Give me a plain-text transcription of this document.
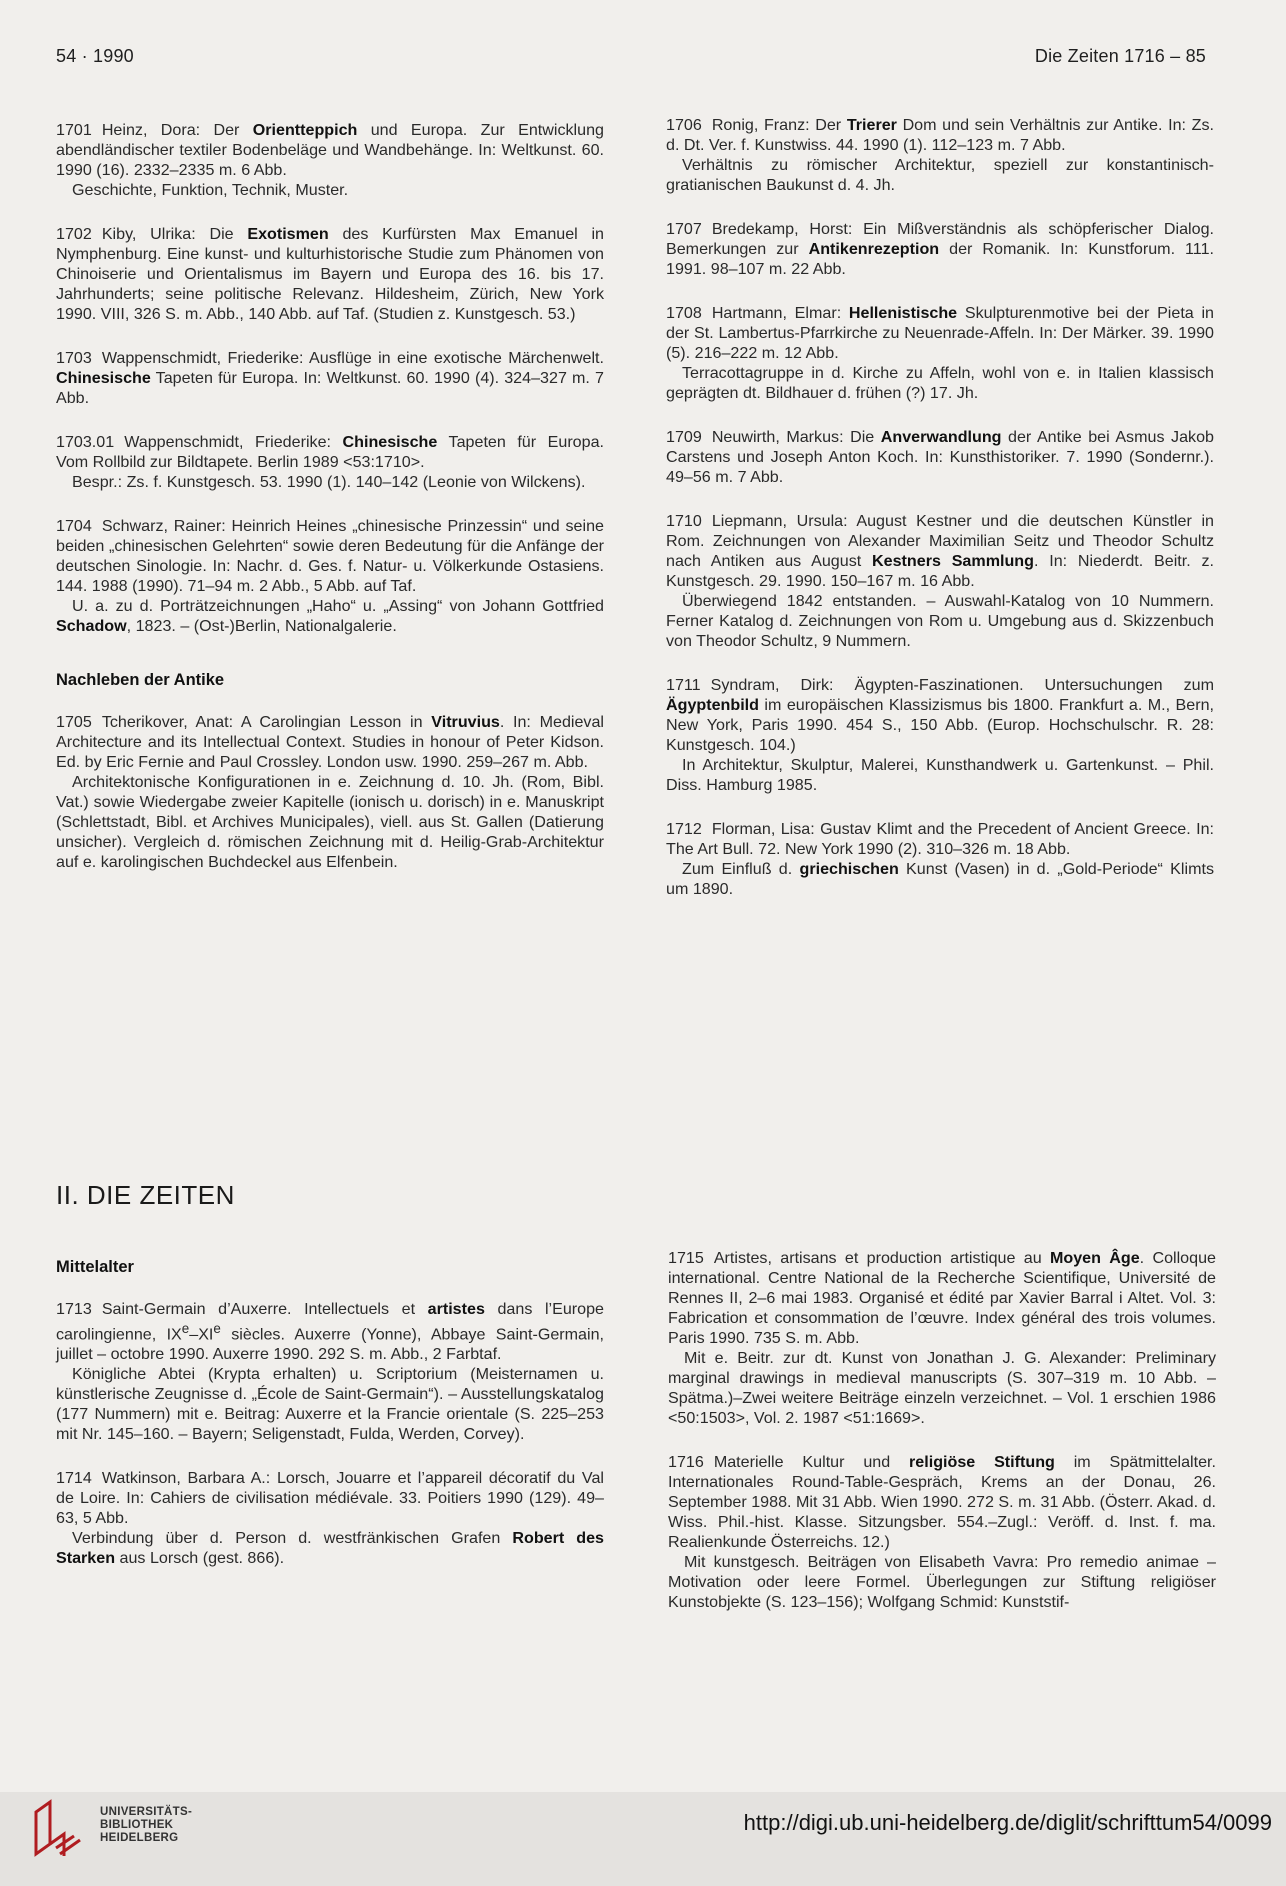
54 · 1990	Die Zeiten 1716 – 85

1701 Heinz, Dora: Der Orientteppich und Europa. Zur Entwicklung abendländischer textiler Bodenbeläge und Wandbehänge. In: Weltkunst. 60. 1990 (16). 2332–2335 m. 6 Abb.

Geschichte, Funktion, Technik, Muster.

1702 Kiby, Ulrika: Die Exotismen des Kurfürsten Max Emanuel in Nymphenburg. Eine kunst- und kulturhistorische Studie zum Phänomen von Chinoiserie und Orientalismus im Bayern und Europa des 16. bis 17. Jahrhunderts; seine politische Relevanz. Hildesheim, Zürich, New York 1990. VIII, 326 S. m. Abb., 140 Abb. auf Taf. (Studien z. Kunstgesch. 53.)

1703 Wappenschmidt, Friederike: Ausflüge in eine exotische Märchenwelt. Chinesische Tapeten für Europa. In: Weltkunst. 60. 1990 (4). 324–327 m. 7 Abb.

1703.01 Wappenschmidt, Friederike: Chinesische Tapeten für Europa. Vom Rollbild zur Bildtapete. Berlin 1989 <53:1710>.

Bespr.: Zs. f. Kunstgesch. 53. 1990 (1). 140–142 (Leonie von Wilckens).

1704 Schwarz, Rainer: Heinrich Heines „chinesische Prinzessin“ und seine beiden „chinesischen Gelehrten“ sowie deren Bedeutung für die Anfänge der deutschen Sinologie. In: Nachr. d. Ges. f. Natur- u. Völkerkunde Ostasiens. 144. 1988 (1990). 71–94 m. 2 Abb., 5 Abb. auf Taf.

U. a. zu d. Porträtzeichnungen „Haho“ u. „Assing“ von Johann Gottfried Schadow, 1823. – (Ost-)Berlin, Nationalgalerie.

Nachleben der Antike

1705 Tcherikover, Anat: A Carolingian Lesson in Vitruvius. In: Medieval Architecture and its Intellectual Context. Studies in honour of Peter Kidson. Ed. by Eric Fernie and Paul Crossley. London usw. 1990. 259–267 m. Abb.

Architektonische Konfigurationen in e. Zeichnung d. 10. Jh. (Rom, Bibl. Vat.) sowie Wiedergabe zweier Kapitelle (ionisch u. dorisch) in e. Manuskript (Schlettstadt, Bibl. et Archives Municipales), viell. aus St. Gallen (Datierung unsicher). Vergleich d. römischen Zeichnung mit d. Heilig-Grab-Architektur auf e. karolingischen Buchdeckel aus Elfenbein.

II. DIE ZEITEN
Mittelalter

1713 Saint-Germain d’Auxerre. Intellectuels et artistes dans l’Europe carolingienne, IXe–XIe siècles. Auxerre (Yonne), Abbaye Saint-Germain, juillet – octobre 1990. Auxerre 1990. 292 S. m. Abb., 2 Farbtaf.

Königliche Abtei (Krypta erhalten) u. Scriptorium (Meisternamen u. künstlerische Zeugnisse d. „École de Saint-Germain“). – Ausstellungskatalog (177 Nummern) mit e. Beitrag: Auxerre et la Francie orientale (S. 225–253 mit Nr. 145–160. – Bayern; Seligenstadt, Fulda, Werden, Corvey).

1714 Watkinson, Barbara A.: Lorsch, Jouarre et l’appareil décoratif du Val de Loire. In: Cahiers de civilisation médiévale. 33. Poitiers 1990 (129). 49–63, 5 Abb.

Verbindung über d. Person d. westfränkischen Grafen Robert des Starken aus Lorsch (gest. 866).

1706 Ronig, Franz: Der Trierer Dom und sein Verhältnis zur Antike. In: Zs. d. Dt. Ver. f. Kunstwiss. 44. 1990 (1). 112–123 m. 7 Abb.

Verhältnis zu römischer Architektur, speziell zur konstantinisch-gratianischen Baukunst d. 4. Jh.

1707 Bredekamp, Horst: Ein Mißverständnis als schöpferischer Dialog. Bemerkungen zur Antikenrezeption der Romanik. In: Kunstforum. 111. 1991. 98–107 m. 22 Abb.

1708 Hartmann, Elmar: Hellenistische Skulpturenmotive bei der Pieta in der St. Lambertus-Pfarrkirche zu Neuenrade-Affeln. In: Der Märker. 39. 1990 (5). 216–222 m. 12 Abb.

Terracottagruppe in d. Kirche zu Affeln, wohl von e. in Italien klassisch geprägten dt. Bildhauer d. frühen (?) 17. Jh.

1709 Neuwirth, Markus: Die Anverwandlung der Antike bei Asmus Jakob Carstens und Joseph Anton Koch. In: Kunsthistoriker. 7. 1990 (Sondernr.). 49–56 m. 7 Abb.

1710 Liepmann, Ursula: August Kestner und die deutschen Künstler in Rom. Zeichnungen von Alexander Maximilian Seitz und Theodor Schultz nach Antiken aus August Kestners Sammlung. In: Niederdt. Beitr. z. Kunstgesch. 29. 1990. 150–167 m. 16 Abb.

Überwiegend 1842 entstanden. – Auswahl-Katalog von 10 Nummern. Ferner Katalog d. Zeichnungen von Rom u. Umgebung aus d. Skizzenbuch von Theodor Schultz, 9 Nummern.

1711 Syndram, Dirk: Ägypten-Faszinationen. Untersuchungen zum Ägyptenbild im europäischen Klassizismus bis 1800. Frankfurt a. M., Bern, New York, Paris 1990. 454 S., 150 Abb. (Europ. Hochschulschr. R. 28: Kunstgesch. 104.)

In Architektur, Skulptur, Malerei, Kunsthandwerk u. Gartenkunst. – Phil. Diss. Hamburg 1985.

1712 Florman, Lisa: Gustav Klimt and the Precedent of Ancient Greece. In: The Art Bull. 72. New York 1990 (2). 310–326 m. 18 Abb.

Zum Einfluß d. griechischen Kunst (Vasen) in d. „Gold-Periode“ Klimts um 1890.

1715 Artistes, artisans et production artistique au Moyen Âge. Colloque international. Centre National de la Recherche Scientifique, Université de Rennes II, 2–6 mai 1983. Organisé et édité par Xavier Barral i Altet. Vol. 3: Fabrication et consommation de l’œuvre. Index général des trois volumes. Paris 1990. 735 S. m. Abb.

Mit e. Beitr. zur dt. Kunst von Jonathan J. G. Alexander: Preliminary marginal drawings in medieval manuscripts (S. 307–319 m. 10 Abb. – Spätma.)–Zwei weitere Beiträge einzeln verzeichnet. – Vol. 1 erschien 1986 <50:1503>, Vol. 2. 1987 <51:1669>.

1716 Materielle Kultur und religiöse Stiftung im Spätmittelalter. Internationales Round-Table-Gespräch, Krems an der Donau, 26. September 1988. Mit 31 Abb. Wien 1990. 272 S. m. 31 Abb. (Österr. Akad. d. Wiss. Phil.-hist. Klasse. Sitzungsber. 554.–Zugl.: Veröff. d. Inst. f. ma. Realienkunde Österreichs. 12.)

Mit kunstgesch. Beiträgen von Elisabeth Vavra: Pro remedio animae – Motivation oder leere Formel. Überlegungen zur Stiftung religiöser Kunstobjekte (S. 123–156); Wolfgang Schmid: Kunststif-

UNIVERSITÄTS-
BIBLIOTHEK
HEIDELBERG
http://digi.ub.uni-heidelberg.de/diglit/schrifttum54/0099
